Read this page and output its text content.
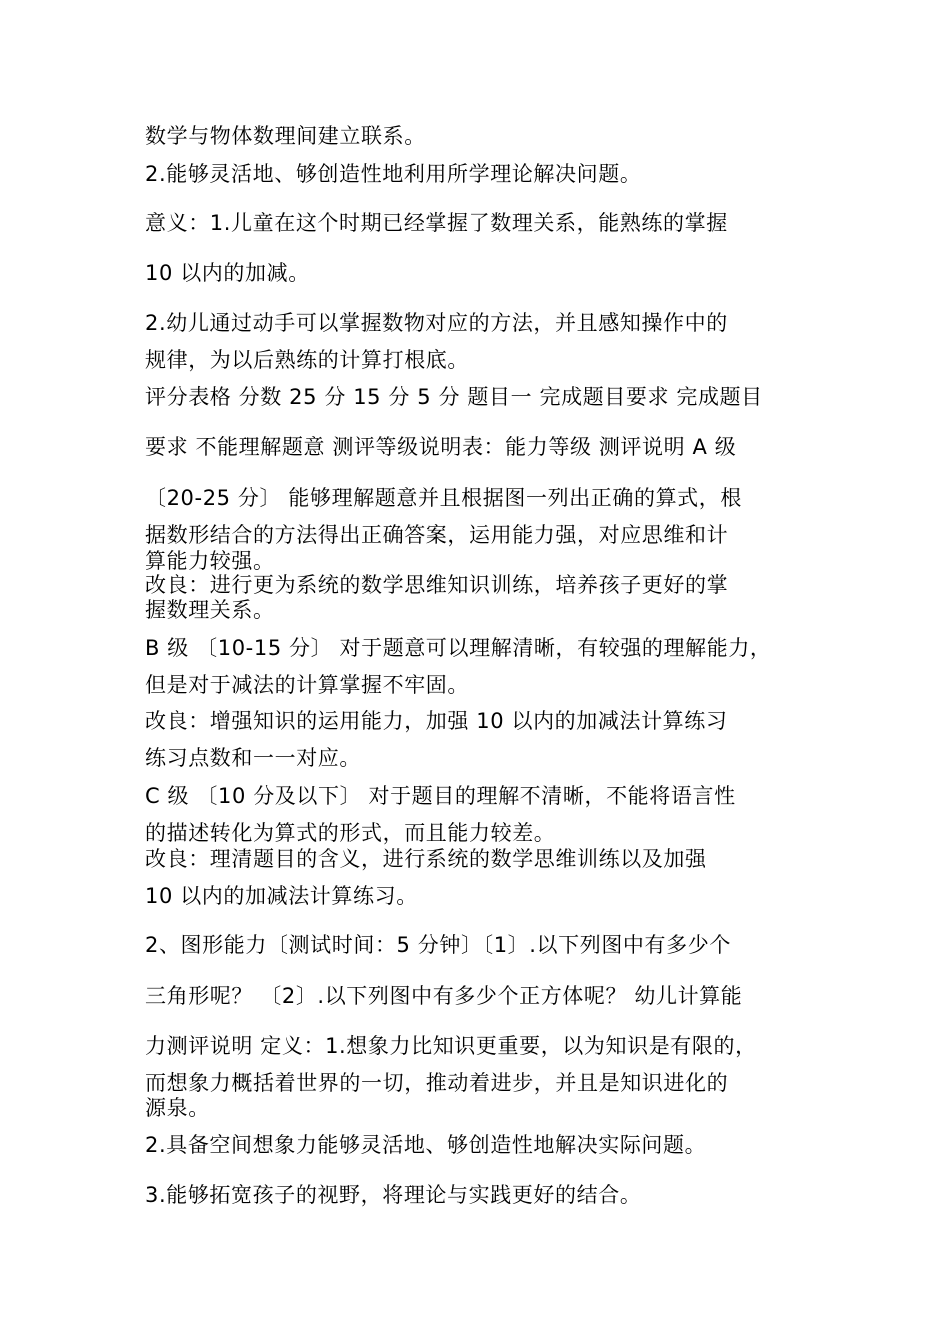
数学与物体数理间建立联系。
2.能够灵活地、够创造性地利用所学理论解决问题。
意义：1.儿童在这个时期已经掌握了数理关系，能熟练的掌握
10 以内的加减。
2.幼儿通过动手可以掌握数物对应的方法，并且感知操作中的
规律，为以后熟练的计算打根底。
评分表格 分数 25 分 15 分 5 分 题目一 完成题目要求 完成题目
要求 不能理解题意 测评等级说明表：能力等级 测评说明 A 级
〔20-25 分〕 能够理解题意并且根据图一列出正确的算式，根
据数形结合的方法得出正确答案，运用能力强，对应思维和计
算能力较强。
改良：进行更为系统的数学思维知识训练，培养孩子更好的掌
握数理关系。
B 级 〔10-15 分〕 对于题意可以理解清晰，有较强的理解能力，
但是对于减法的计算掌握不牢固。
改良：增强知识的运用能力，加强 10 以内的加减法计算练习
练习点数和一一对应。
C 级 〔10 分及以下〕 对于题目的理解不清晰，不能将语言性
的描述转化为算式的形式，而且能力较差。
改良：理清题目的含义，进行系统的数学思维训练以及加强
10 以内的加减法计算练习。
2、图形能力〔测试时间：5 分钟〕〔1〕.以下列图中有多少个
三角形呢？ 〔2〕.以下列图中有多少个正方体呢？ 幼儿计算能
力测评说明 定义：1.想象力比知识更重要，以为知识是有限的，
而想象力概括着世界的一切，推动着进步，并且是知识进化的
源泉。
2.具备空间想象力能够灵活地、够创造性地解决实际问题。
3.能够拓宽孩子的视野，将理论与实践更好的结合。
